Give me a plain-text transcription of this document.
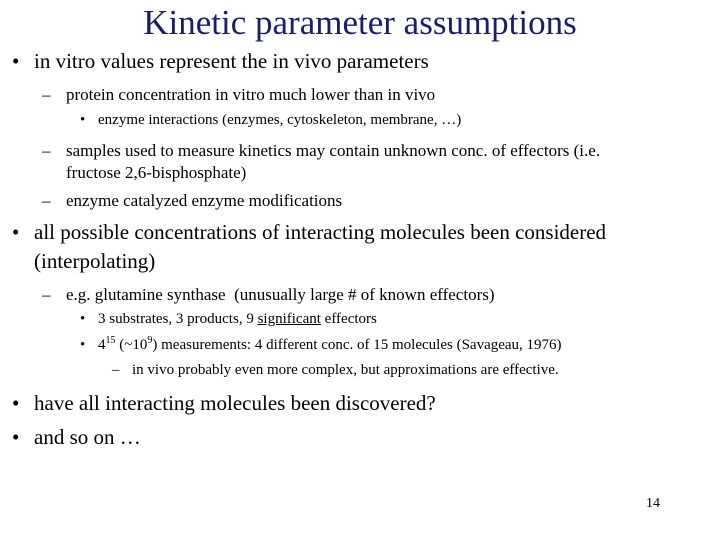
Kinetic parameter assumptions
• in vitro values represent the in vivo parameters
– protein concentration in vitro much lower than in vivo
• enzyme interactions (enzymes, cytoskeleton, membrane, …)
– samples used to measure kinetics may contain unknown conc. of effectors (i.e.
fructose 2,6-bisphosphate)
– enzyme catalyzed enzyme modifications
• all possible concentrations of interacting molecules been considered
(interpolating)
– e.g. glutamine synthase  (unusually large # of known effectors)
• 3 substrates, 3 products, 9 significant effectors
• $4^{15}$ $(\sim 10^9)$ measurements: 4 different conc. of 15 molecules (Savageau, 1976)
– in vivo probably even more complex, but approximations are effective.
• have all interacting molecules been discovered?
• and so on …
14
